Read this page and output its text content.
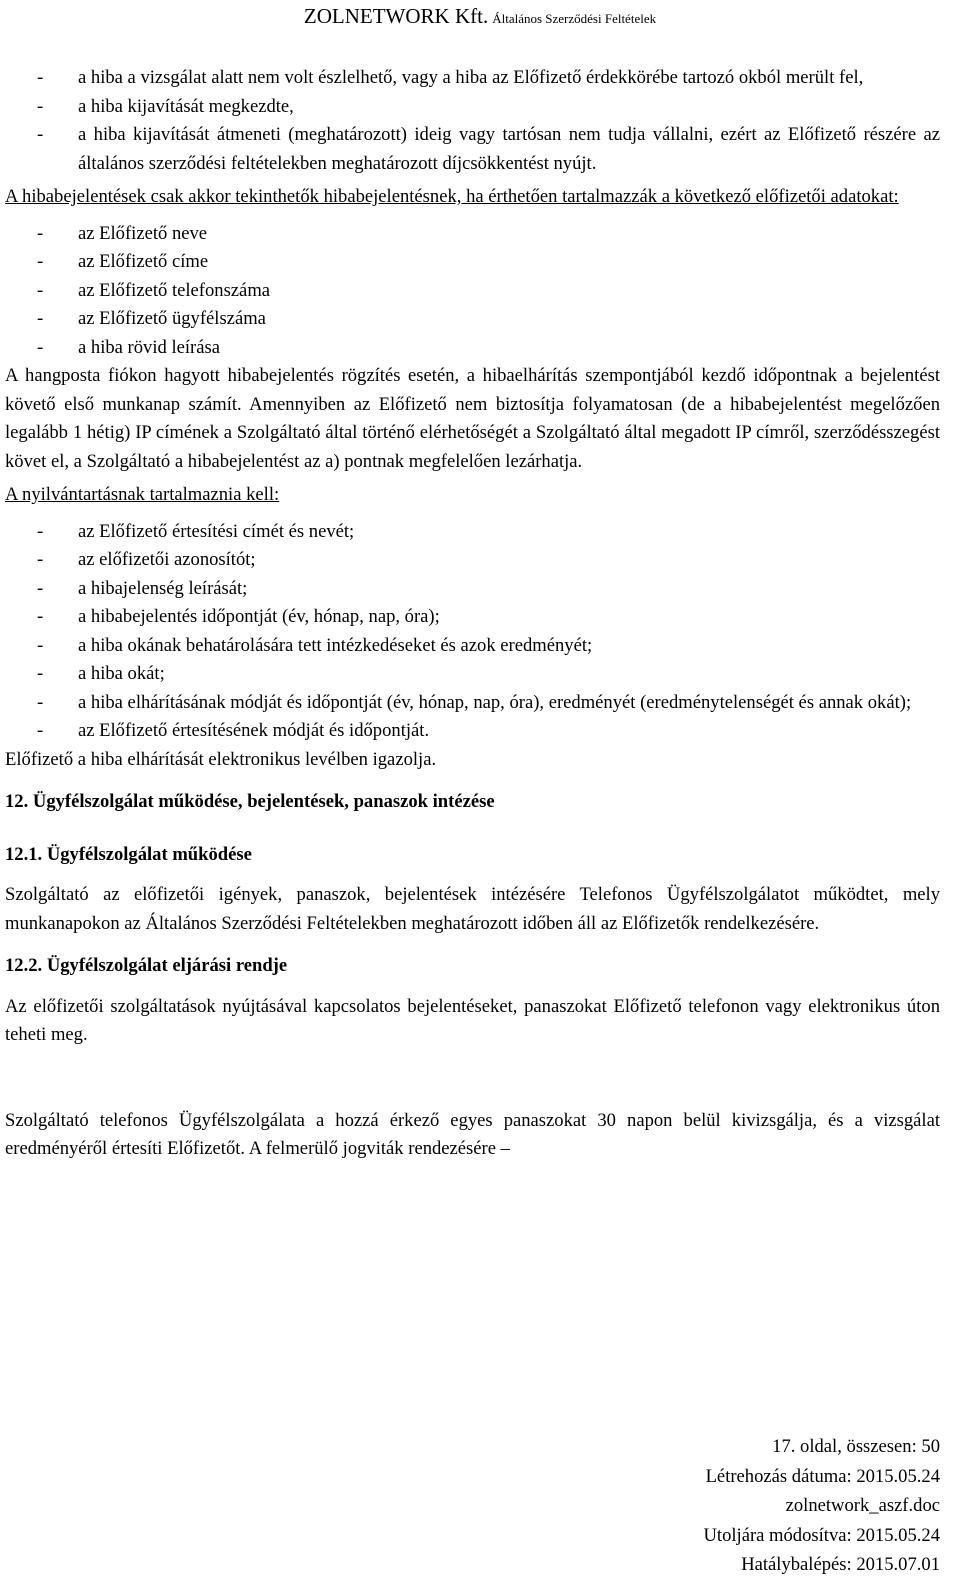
ZOLNETWORK Kft. Általános Szerződési Feltételek
-	a hiba a vizsgálat alatt nem volt észlelhető, vagy a hiba az Előfizető érdekkörébe tartozó okból merült fel,
-	a hiba kijavítását megkezdte,
-	a hiba kijavítását átmeneti (meghatározott) ideig vagy tartósan nem tudja vállalni, ezért az Előfizető részére az általános szerződési feltételekben meghatározott díjcsökkentést nyújt.

A hibabejelentések csak akkor tekinthetők hibabejelentésnek, ha érthetően tartalmazzák a következő előfizetői adatokat:

-	az Előfizető neve
-	az Előfizető címe
-	az Előfizető telefonszáma
-	az Előfizető ügyfélszáma
-	a hiba rövid leírása

A hangposta fiókon hagyott hibabejelentés rögzítés esetén, a hibaelhárítás szempontjából kezdő időpontnak a bejelentést követő első munkanap számít. Amennyiben az Előfizető nem biztosítja folyamatosan (de a hibabejelentést megelőzően legalább 1 hétig) IP címének a Szolgáltató által történő elérhetőségét a Szolgáltató által megadott IP címről, szerződésszegést követ el, a Szolgáltató a hibabejelentést az a) pontnak megfelelően lezárhatja.

A nyilvántartásnak tartalmaznia kell:

-	az Előfizető értesítési címét és nevét;
-	az előfizetői azonosítót;
-	a hibajelenség leírását;
-	a hibabejelentés időpontját (év, hónap, nap, óra);
-	a hiba okának behatárolására tett intézkedéseket és azok eredményét;
-	a hiba okát;
-	a hiba elhárításának módját és időpontját (év, hónap, nap, óra), eredményét (eredménytelenségét és annak okát);
-	az Előfizető értesítésének módját és időpontját.

Előfizető a hiba elhárítását elektronikus levélben igazolja.

12. Ügyfélszolgálat működése, bejelentések, panaszok intézése

12.1. Ügyfélszolgálat működése

Szolgáltató az előfizetői igények, panaszok, bejelentések intézésére Telefonos Ügyfélszolgálatot működtet, mely munkanapokon az Általános Szerződési Feltételekben meghatározott időben áll az Előfizetők rendelkezésére.

12.2. Ügyfélszolgálat eljárási rendje

Az előfizetői szolgáltatások nyújtásával kapcsolatos bejelentéseket, panaszokat Előfizető telefonon vagy elektronikus úton teheti meg.

Szolgáltató telefonos Ügyfélszolgálata a hozzá érkező egyes panaszokat 30 napon belül kivizsgálja, és a vizsgálat eredményéről értesíti Előfizetőt. A felmerülő jogviták rendezésére –

17. oldal, összesen: 50
Létrehozás dátuma: 2015.05.24
zolnetwork_aszf.doc
Utoljára módosítva: 2015.05.24
Hatálybalépés: 2015.07.01
